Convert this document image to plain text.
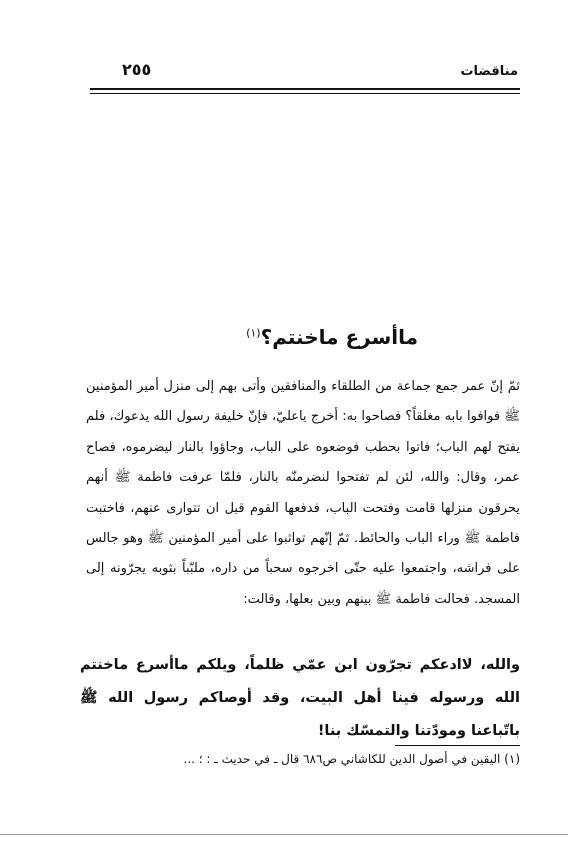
٢٥٥	مناقضات
ماأسرع ماخنتم؟$^{(١)}$

ثمّ إنّ عمر جمع جماعة من الطلقاء والمنافقين وأتى بهم إلى منزل أمير المؤمنين ﷺ فوافوا بابه مغلقاً؟ فصاحوا به: أخرج ياعليّ، فإنّ خليفة رسول الله يدعوك، فلم يفتح لهم الباب؛ فاتوا بحطب فوضعوه على الباب، وجاؤوا بالنار ليضرموه، فصاح عمر، وقال: والله، لئن لم تفتحوا لنضرمنّه بالنار، فلمّا عرفت فاطمة ﷺ أنهم يحرقون منزلها قامت وفتحت الباب، فدفعها القوم قبل ان تتوارى عنهم، فاختبت فاطمة ﷺ وراء الباب والحائط. ثمّ إنّهم تواثبوا على أمير المؤمنين ﷺ وهو جالس على فراشه، واجتمعوا عليه حتّى اخرجوه سحباً من داره، ملبّباً بثوبه يجرّونه إلى المسجد. فحالت فاطمة ﷺ بينهم وبين بعلها، وقالت:

والله، لاادعكم تجرّون ابن عمّي ظلماً، ويلكم ماأسرع ماخنتم الله ورسوله فينا أهل البيت، وقد أوصاكم رسول الله ﷺ باتّباعنا ومودّتنا والتمسّك بنا!

(١) اليقين في أصول الدين للكاشاني ص٦٨٦ قال ـ في حديث ـ : ؛ ...
